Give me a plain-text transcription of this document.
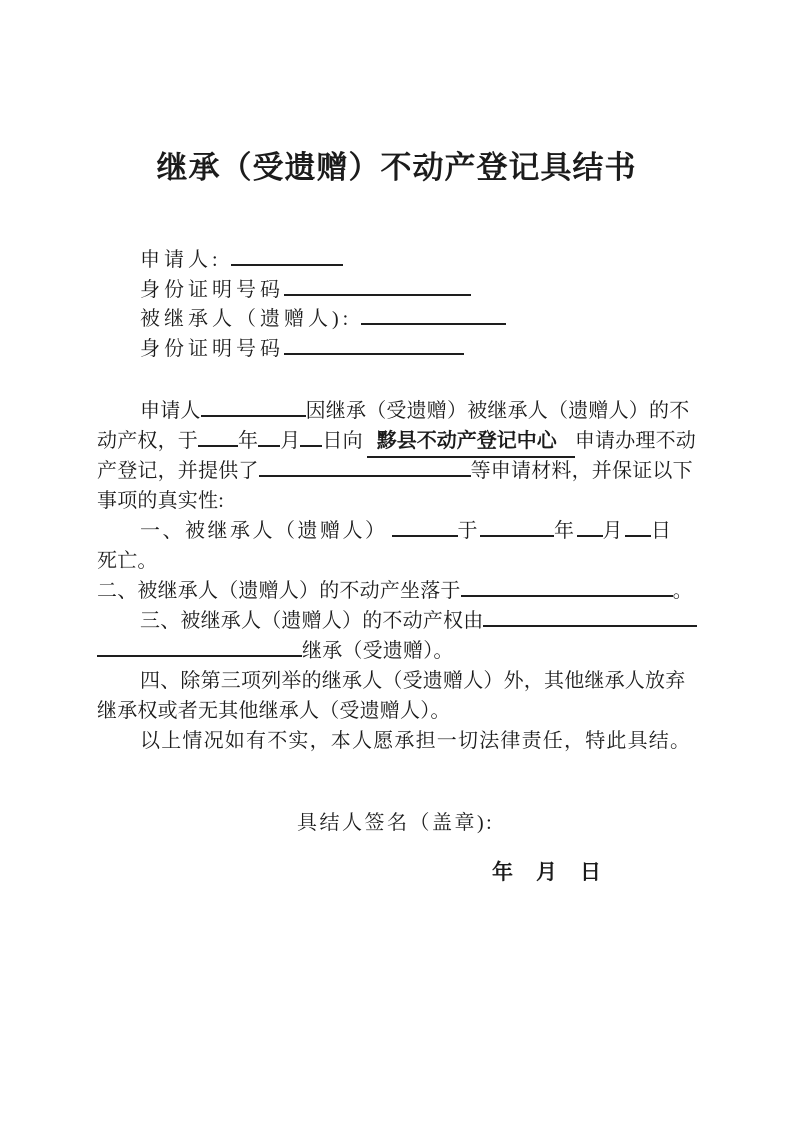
继承（受遗赠）不动产登记具结书
申请人:
身份证明号码
被继承人（遗赠人):
身份证明号码
申请人	因继承（受遗赠）被继承人（遗赠人）的不
动产权，于 年 月 日向 黟县不动产登记中心 申请办理不动
产登记，并提供了	等申请材料，并保证以下
事项的真实性:
一、被继承人（遗赠人）	于	年 月 日
死亡。
二、被继承人（遗赠人）的不动产坐落于	。
三、被继承人（遗赠人）的不动产权由
继承（受遗赠）。
四、除第三项列举的继承人（受遗赠人）外，其他继承人放弃
继承权或者无其他继承人（受遗赠人）。
以上情况如有不实，本人愿承担一切法律责任，特此具结。
具结人签名（盖章):
年　月　日
